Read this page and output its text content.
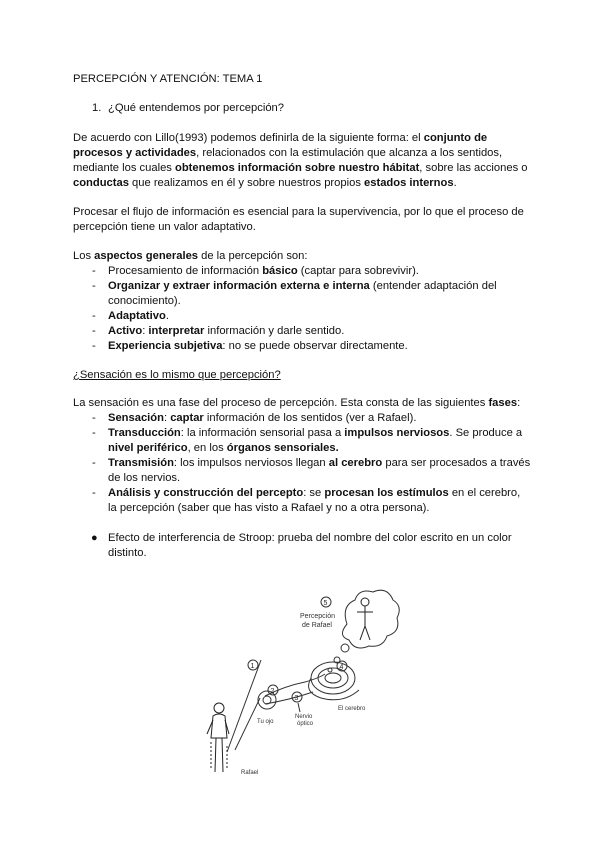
PERCEPCIÓN Y ATENCIÓN: TEMA 1
1. ¿Qué entendemos por percepción?
De acuerdo con Lillo(1993) podemos definirla de la siguiente forma: el conjunto de
procesos y actividades, relacionados con la estimulación que alcanza a los sentidos,
mediante los cuales obtenemos información sobre nuestro hábitat, sobre las acciones o
conductas que realizamos en él y sobre nuestros propios estados internos.
Procesar el flujo de información es esencial para la supervivencia, por lo que el proceso de
percepción tiene un valor adaptativo.
Los aspectos generales de la percepción son:
- Procesamiento de información básico (captar para sobrevivir).
- Organizar y extraer información externa e interna (entender adaptación del
conocimiento).
- Adaptativo.
- Activo: interpretar información y darle sentido.
- Experiencia subjetiva: no se puede observar directamente.
¿Sensación es lo mismo que percepción?
La sensación es una fase del proceso de percepción. Esta consta de las siguientes fases:
- Sensación: captar información de los sentidos (ver a Rafael).
- Transducción: la información sensorial pasa a impulsos nerviosos. Se produce a
nivel periférico, en los órganos sensoriales.
- Transmisión: los impulsos nerviosos llegan al cerebro para ser procesados a través
de los nervios.
- Análisis y construcción del percepto: se procesan los estímulos en el cerebro,
la percepción (saber que has visto a Rafael y no a otra persona).
● Efecto de interferencia de Stroop: prueba del nombre del color escrito en un color
distinto.
5
Percepción
de Rafael
4
El cerebro
3
Nervio
óptico
2
Tu ojo
1
Rafael
